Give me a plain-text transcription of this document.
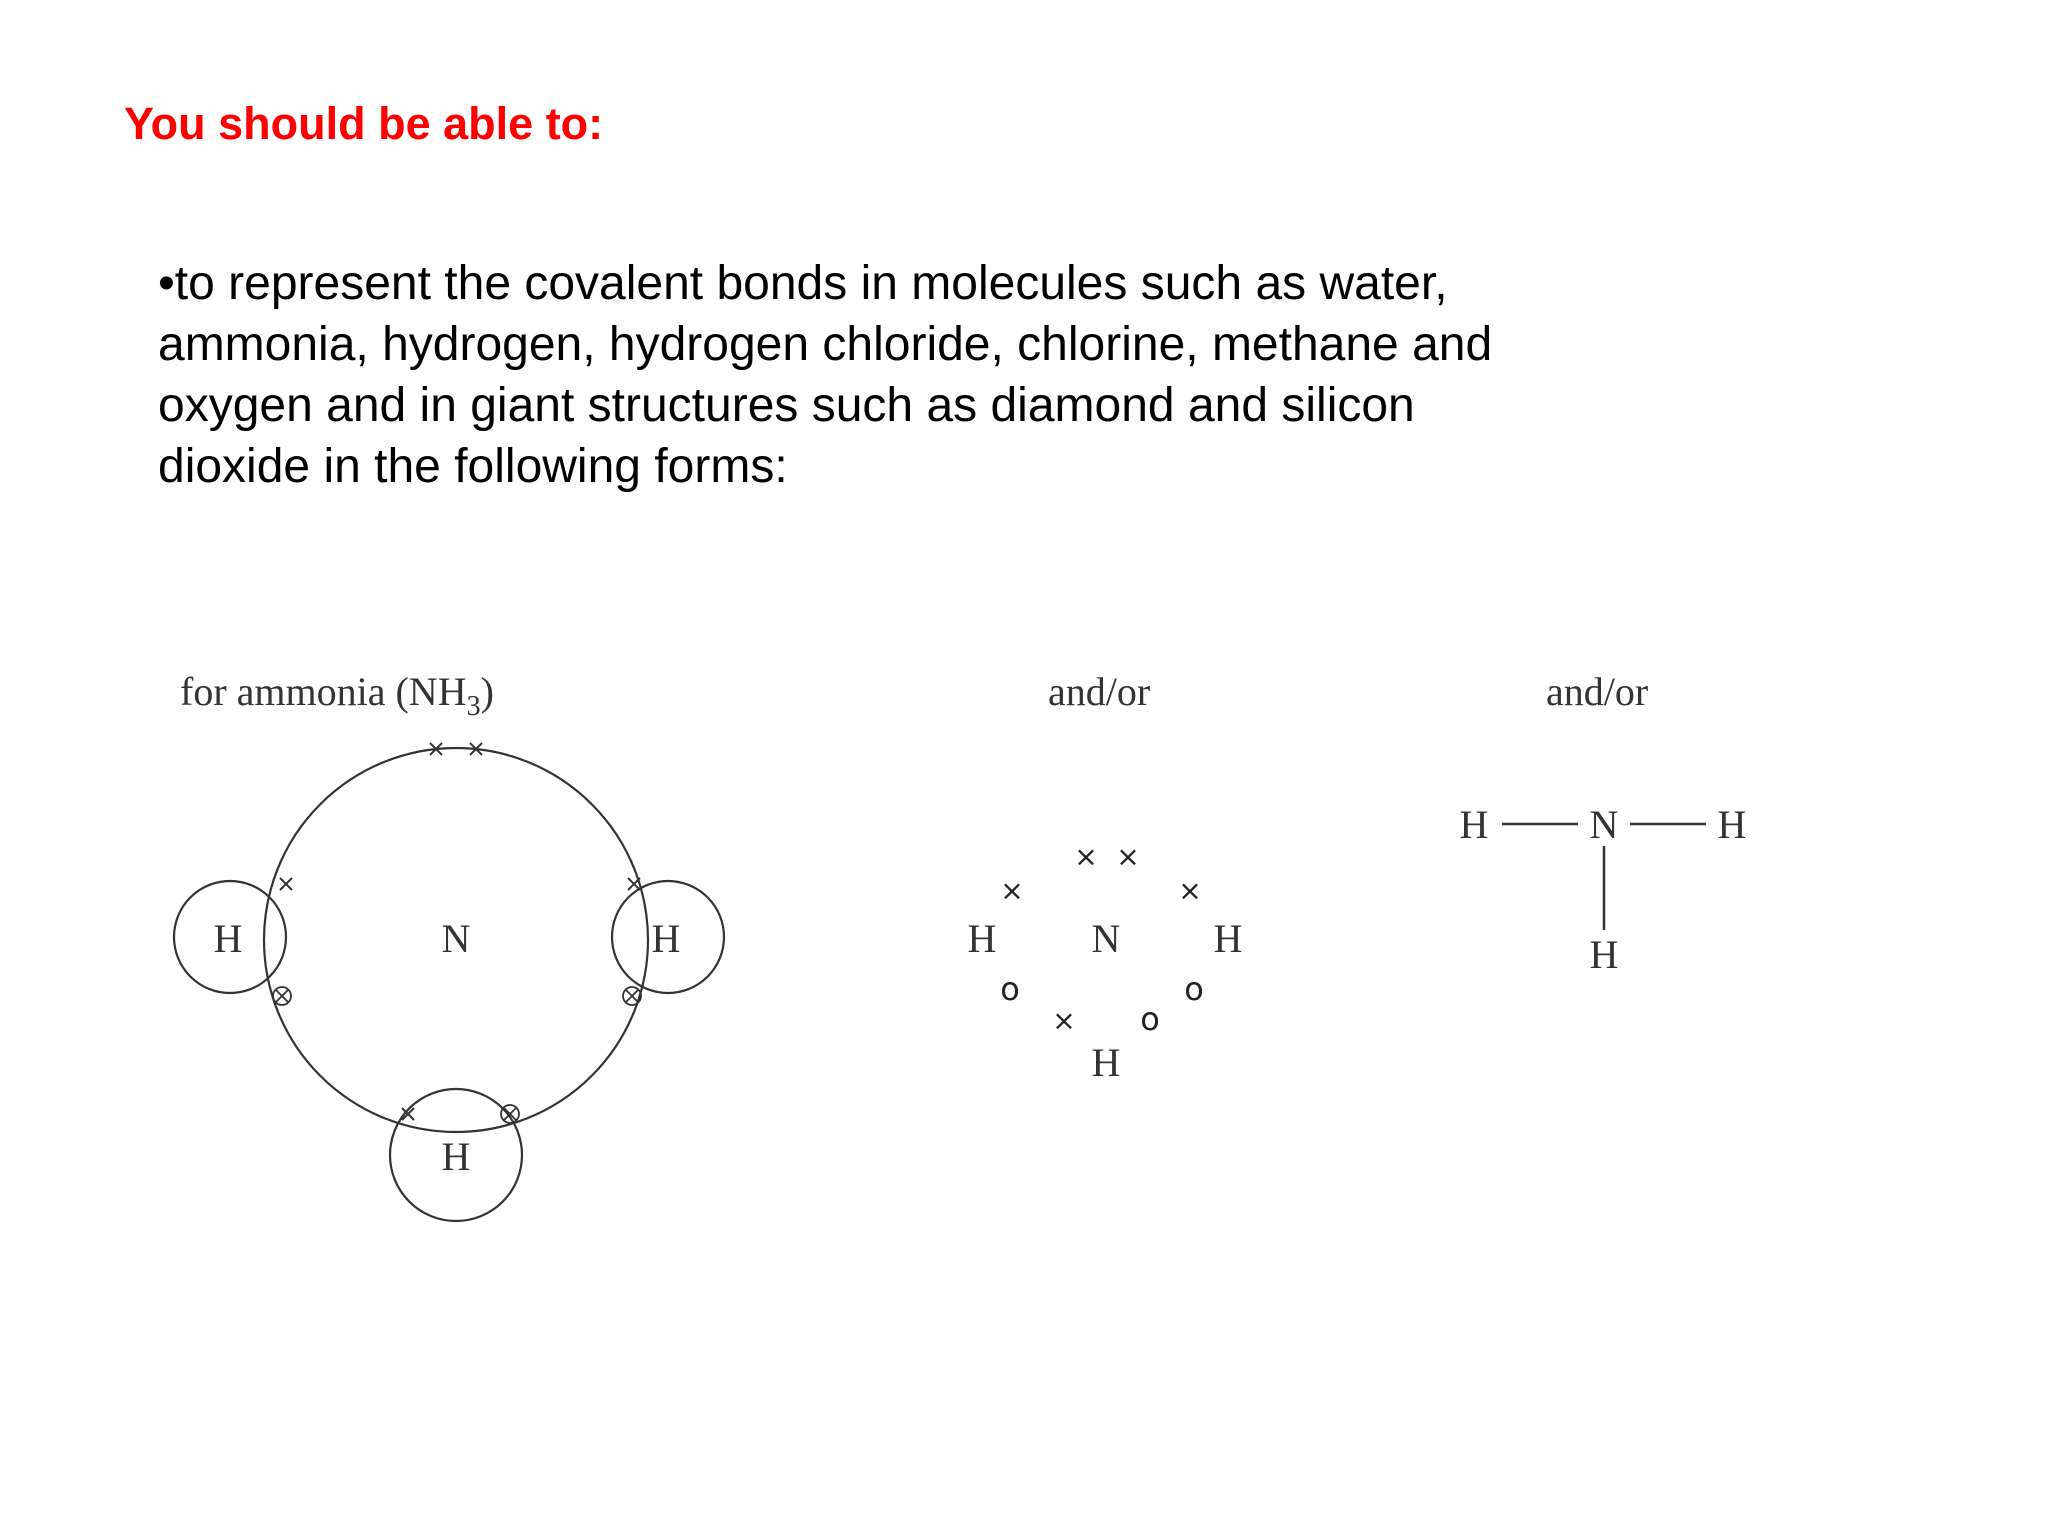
You should be able to:
•to represent the covalent bonds in molecules such as water,
ammonia, hydrogen, hydrogen chloride, chlorine, methane and
oxygen and in giant structures such as diamond and silicon
dioxide in the following forms:
for ammonia $(NH_3)$	and/or	and/or
H	N	H
H
H N H
H
× ×
×	×
×
o	o
o
H	N H
H
